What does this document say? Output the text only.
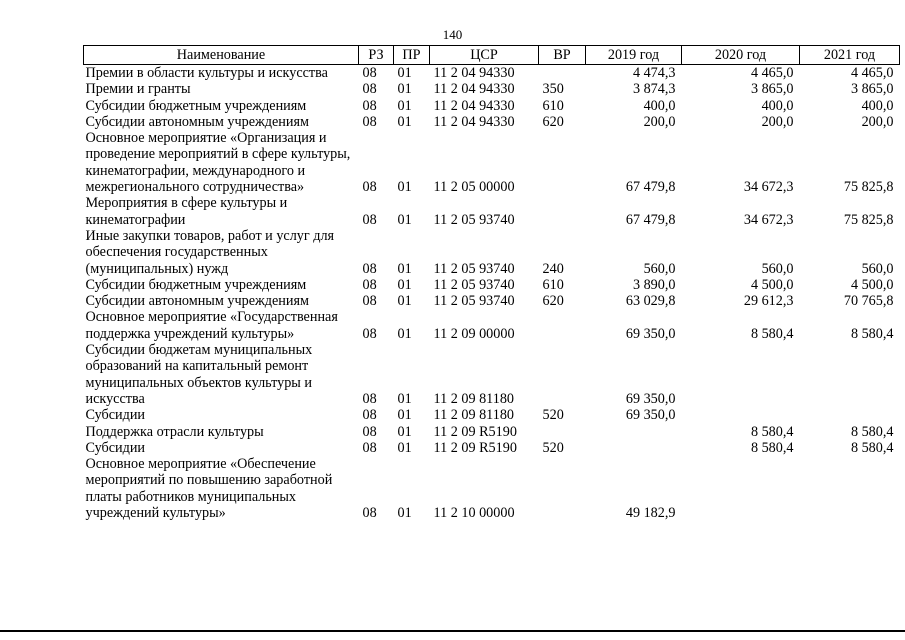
140
Наименование	РЗ	ПР	ЦСР	ВР	2019 год	2020 год	2021 год
Премии в области культуры и искусства	08	01	11 2 04 94330		4 474,3	4 465,0	4 465,0
Премии и гранты	08	01	11 2 04 94330	350	3 874,3	3 865,0	3 865,0
Субсидии бюджетным учреждениям	08	01	11 2 04 94330	610	400,0	400,0	400,0
Субсидии автономным учреждениям	08	01	11 2 04 94330	620	200,0	200,0	200,0
Основное мероприятие «Организация и проведение мероприятий в сфере культуры, кинематографии, международного и межрегионального сотрудничества»	08	01	11 2 05 00000		67 479,8	34 672,3	75 825,8
Мероприятия в сфере культуры и кинематографии	08	01	11 2 05 93740		67 479,8	34 672,3	75 825,8
Иные закупки товаров, работ и услуг для обеспечения государственных (муниципальных) нужд	08	01	11 2 05 93740	240	560,0	560,0	560,0
Субсидии бюджетным учреждениям	08	01	11 2 05 93740	610	3 890,0	4 500,0	4 500,0
Субсидии автономным учреждениям	08	01	11 2 05 93740	620	63 029,8	29 612,3	70 765,8
Основное мероприятие «Государственная поддержка учреждений культуры»	08	01	11 2 09 00000		69 350,0	8 580,4	8 580,4
Субсидии бюджетам муниципальных образований на капитальный ремонт муниципальных объектов культуры и искусства	08	01	11 2 09 81180		69 350,0		
Субсидии	08	01	11 2 09 81180	520	69 350,0		
Поддержка отрасли культуры	08	01	11 2 09 R5190			8 580,4	8 580,4
Субсидии	08	01	11 2 09 R5190	520		8 580,4	8 580,4
Основное мероприятие «Обеспечение мероприятий по повышению заработной платы работников муниципальных учреждений культуры»	08	01	11 2 10 00000		49 182,9		
